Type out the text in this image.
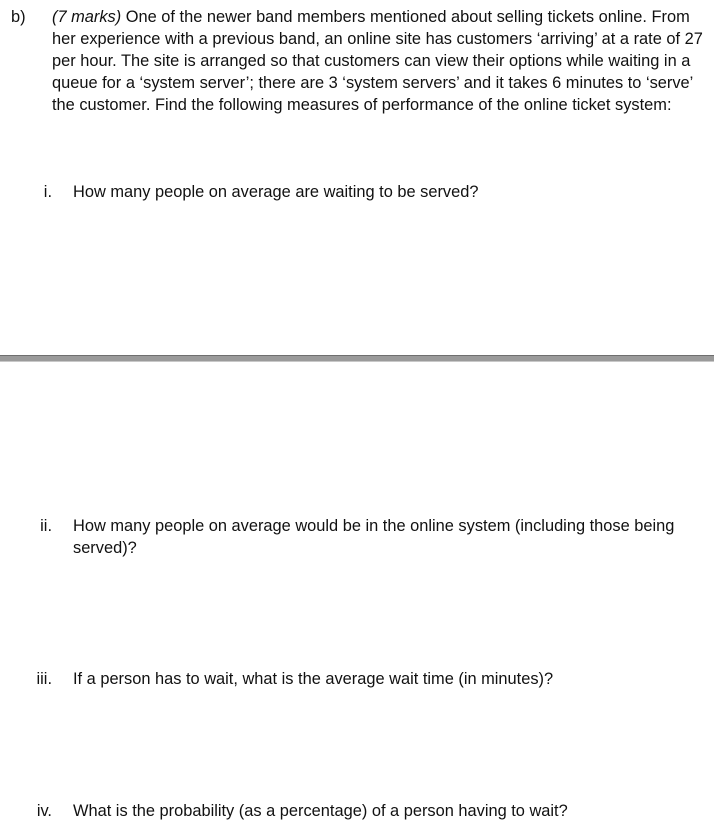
b) (7 marks) One of the newer band members mentioned about selling tickets online. From her experience with a previous band, an online site has customers ‘arriving’ at a rate of 27 per hour. The site is arranged so that customers can view their options while waiting in a queue for a ‘system server’; there are 3 ‘system servers’ and it takes 6 minutes to ‘serve’ the customer. Find the following measures of performance of the online ticket system:
i. How many people on average are waiting to be served?
ii. How many people on average would be in the online system (including those being served)?
iii. If a person has to wait, what is the average wait time (in minutes)?
iv. What is the probability (as a percentage) of a person having to wait?
